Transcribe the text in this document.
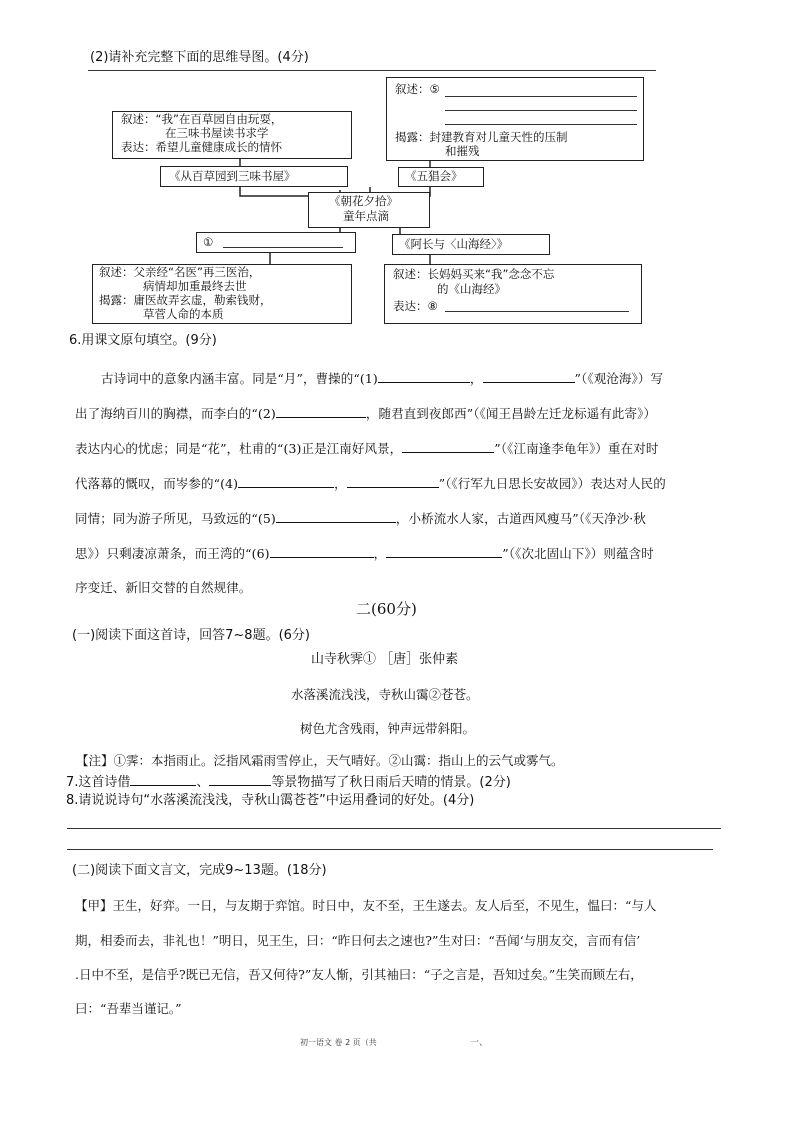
(2)请补充完整下面的思维导图。(4分)
叙述：“我”在百草园自由玩耍，
在三味书屋读书求学
表达：希望儿童健康成长的情怀
叙述：⑤
揭露：封建教育对儿童天性的压制
和摧残
《从百草园到三味书屋》	《五猖会》
《朝花夕拾》
童年点滴
①	《阿长与〈山海经〉》
叙述：父亲经“名医”再三医治，
病情却加重最终去世
揭露：庸医故弄玄虚，勒索钱财，
草菅人命的本质
叙述：长妈妈买来“我”念念不忘
的《山海经》
表达：⑧
6.用课文原句填空。(9分)
古诗词中的意象内涵丰富。同是“月”，曹操的“(1)	，	”（《观沧海》）写
出了海纳百川的胸襟，而李白的“(2)	，随君直到夜郎西”（《闻王昌龄左迁龙标遥有此寄》）
表达内心的忧虑；同是“花”，杜甫的“(3)正是江南好风景，	”（《江南逢李龟年》）重在对时
代落幕的慨叹，而岑参的“(4)	，	”（《行军九日思长安故园》）表达对人民的
同情；同为游子所见，马致远的“(5)	，小桥流水人家，古道西风瘦马”（《天净沙·秋
思》）只剩凄凉萧条，而王湾的“(6)	，	”（《次北固山下》）则蕴含时
序变迁、新旧交替的自然规律。
二(60分)
(一)阅读下面这首诗，回答7~8题。(6分)
山寺秋霁① ［唐］张仲素
水落溪流浅浅，寺秋山霭②苍苍。
树色尤含残雨，钟声远带斜阳。
【注】①霁：本指雨止。泛指风霜雨雪停止，天气晴好。②山霭：指山上的云气或雾气。
7.这首诗借	、	等景物描写了秋日雨后天晴的情景。(2分)
8.请说说诗句“水落溪流浅浅，寺秋山霭苍苍”中运用叠词的好处。(4分)
(二)阅读下面文言文，完成9~13题。(18分)
【甲】王生，好弈。一日，与友期于弈馆。时日中，友不至，王生遂去。友人后至，不见生，愠曰：“与人
期，相委而去，非礼也！”明日，见王生，曰：“昨日何去之速也?”生对曰：“吾闻‘与朋友交，言而有信’
.日中不至，是信乎?既已无信，吾又何待?”友人惭，引其袖曰：“子之言是，吾知过矣。”生笑而顾左右，
曰：“吾辈当谨记。”
初一语文 卷 2 页（共	一、
